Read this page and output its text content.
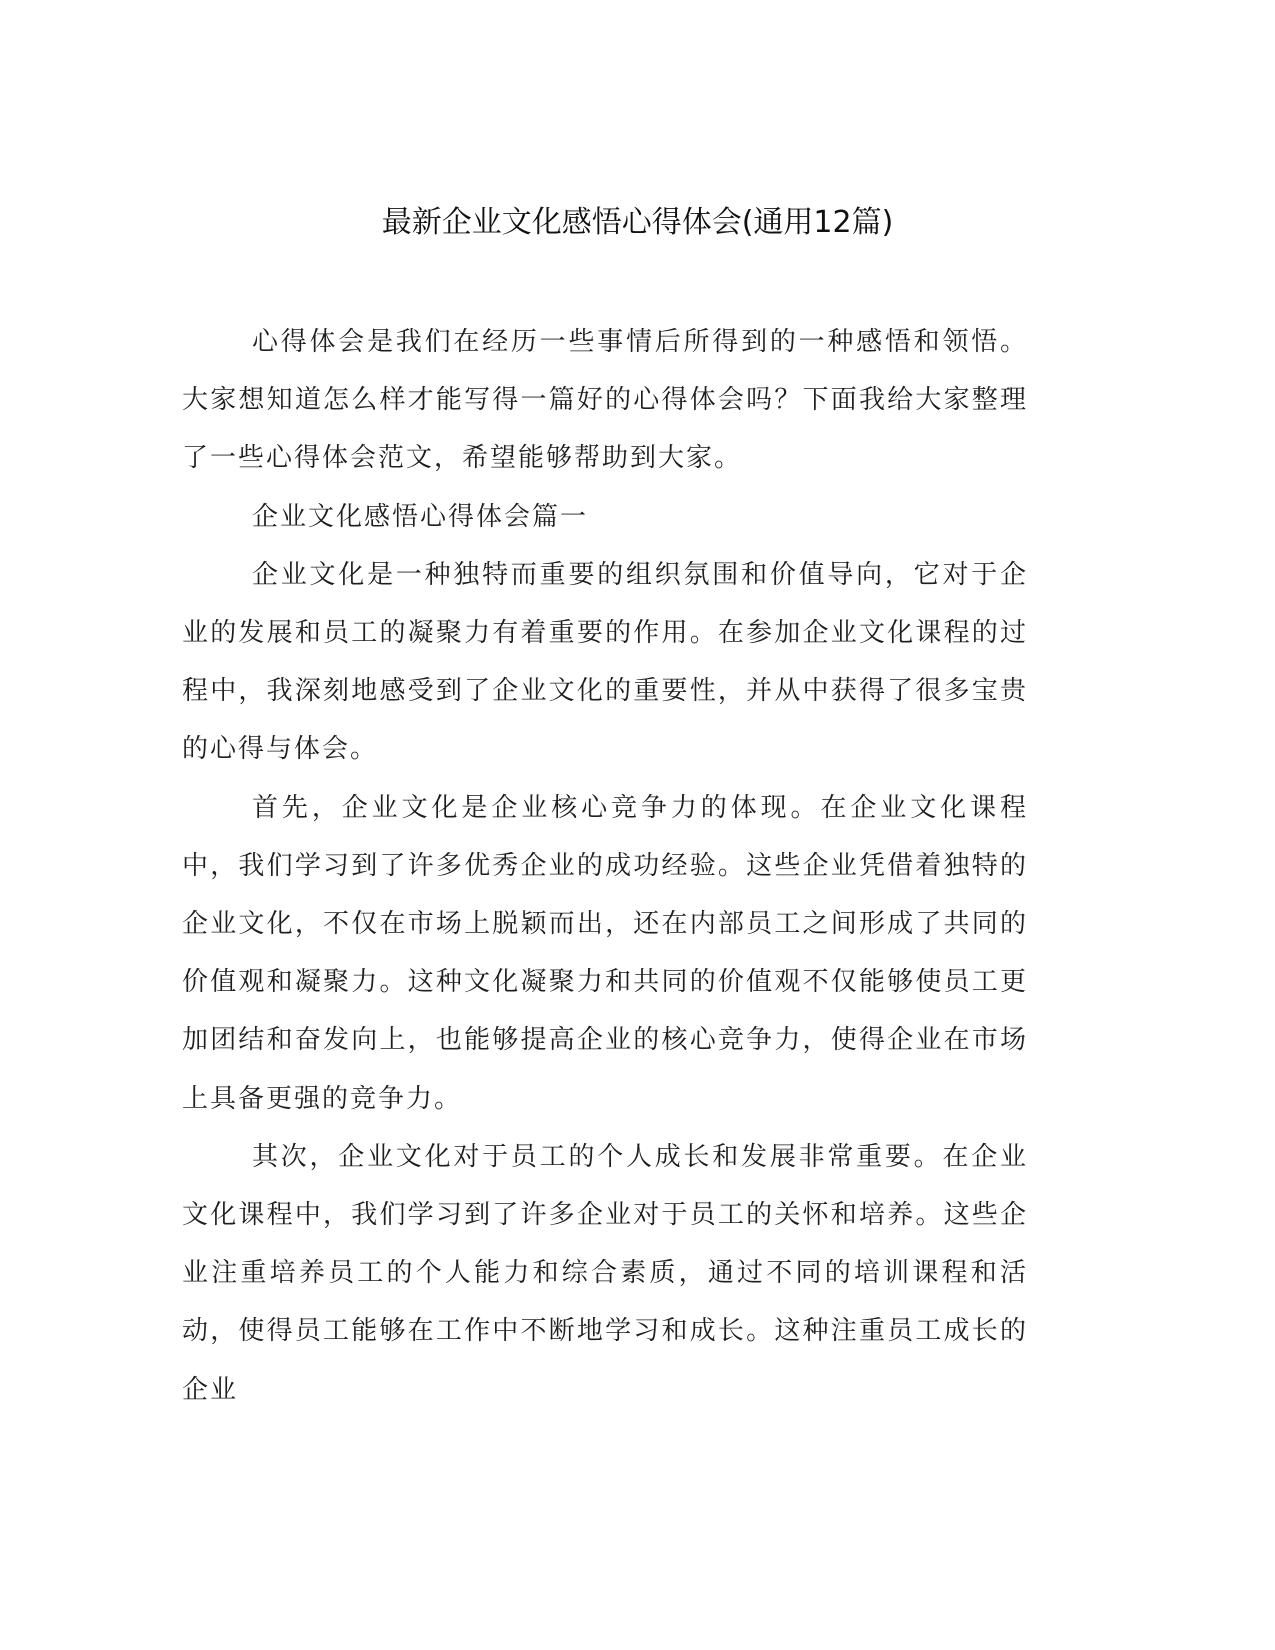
最新企业文化感悟心得体会(通用12篇)

心得体会是我们在经历一些事情后所得到的一种感悟和领悟。大家想知道怎么样才能写得一篇好的心得体会吗？下面我给大家整理了一些心得体会范文，希望能够帮助到大家。

企业文化感悟心得体会篇一

企业文化是一种独特而重要的组织氛围和价值导向，它对于企业的发展和员工的凝聚力有着重要的作用。在参加企业文化课程的过程中，我深刻地感受到了企业文化的重要性，并从中获得了很多宝贵的心得与体会。

首先，企业文化是企业核心竞争力的体现。在企业文化课程中，我们学习到了许多优秀企业的成功经验。这些企业凭借着独特的企业文化，不仅在市场上脱颖而出，还在内部员工之间形成了共同的价值观和凝聚力。这种文化凝聚力和共同的价值观不仅能够使员工更加团结和奋发向上，也能够提高企业的核心竞争力，使得企业在市场上具备更强的竞争力。

其次，企业文化对于员工的个人成长和发展非常重要。在企业文化课程中，我们学习到了许多企业对于员工的关怀和培养。这些企业注重培养员工的个人能力和综合素质，通过不同的培训课程和活动，使得员工能够在工作中不断地学习和成长。这种注重员工成长的企业
